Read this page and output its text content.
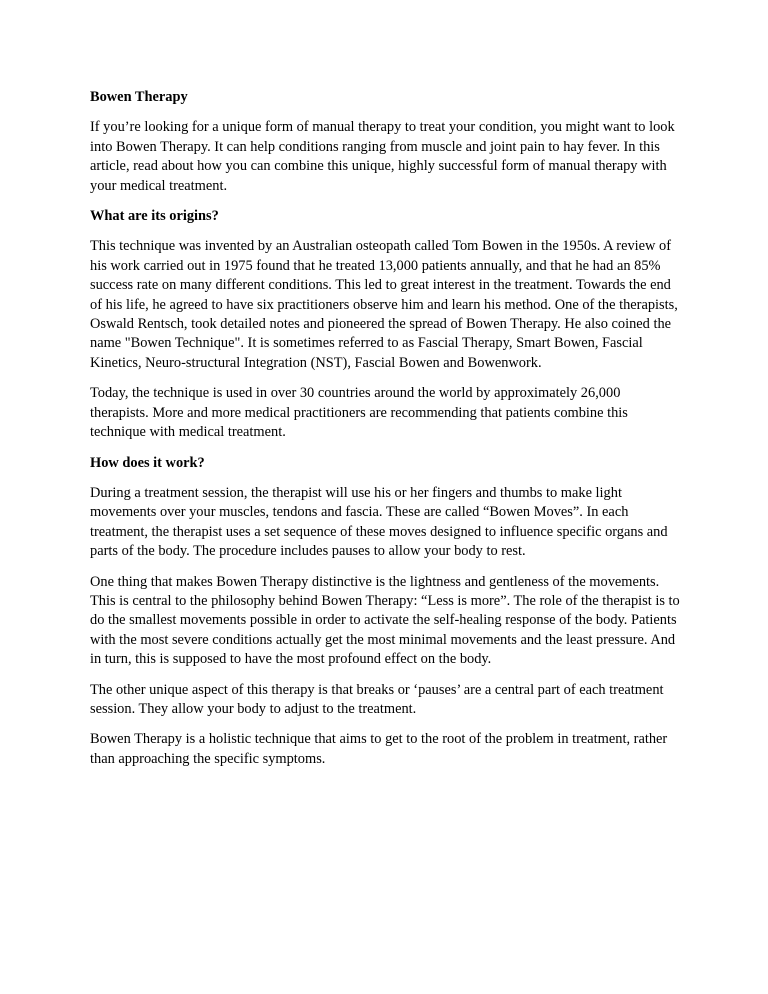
Bowen Therapy

If you’re looking for a unique form of manual therapy to treat your condition, you might want to look into Bowen Therapy. It can help conditions ranging from muscle and joint pain to hay fever. In this article, read about how you can combine this unique, highly successful form of manual therapy with your medical treatment.

What are its origins?

This technique was invented by an Australian osteopath called Tom Bowen in the 1950s. A review of his work carried out in 1975 found that he treated 13,000 patients annually, and that he had an 85% success rate on many different conditions. This led to great interest in the treatment. Towards the end of his life, he agreed to have six practitioners observe him and learn his method. One of the therapists, Oswald Rentsch, took detailed notes and pioneered the spread of Bowen Therapy. He also coined the name "Bowen Technique". It is sometimes referred to as Fascial Therapy, Smart Bowen, Fascial Kinetics, Neuro-structural Integration (NST), Fascial Bowen and Bowenwork.

Today, the technique is used in over 30 countries around the world by approximately 26,000 therapists. More and more medical practitioners are recommending that patients combine this technique with medical treatment.

How does it work?

During a treatment session, the therapist will use his or her fingers and thumbs to make light movements over your muscles, tendons and fascia. These are called “Bowen Moves”. In each treatment, the therapist uses a set sequence of these moves designed to influence specific organs and parts of the body. The procedure includes pauses to allow your body to rest.

One thing that makes Bowen Therapy distinctive is the lightness and gentleness of the movements. This is central to the philosophy behind Bowen Therapy: “Less is more”. The role of the therapist is to do the smallest movements possible in order to activate the self-healing response of the body. Patients with the most severe conditions actually get the most minimal movements and the least pressure. And in turn, this is supposed to have the most profound effect on the body.

The other unique aspect of this therapy is that breaks or ‘pauses’ are a central part of each treatment session. They allow your body to adjust to the treatment.

Bowen Therapy is a holistic technique that aims to get to the root of the problem in treatment, rather than approaching the specific symptoms.
